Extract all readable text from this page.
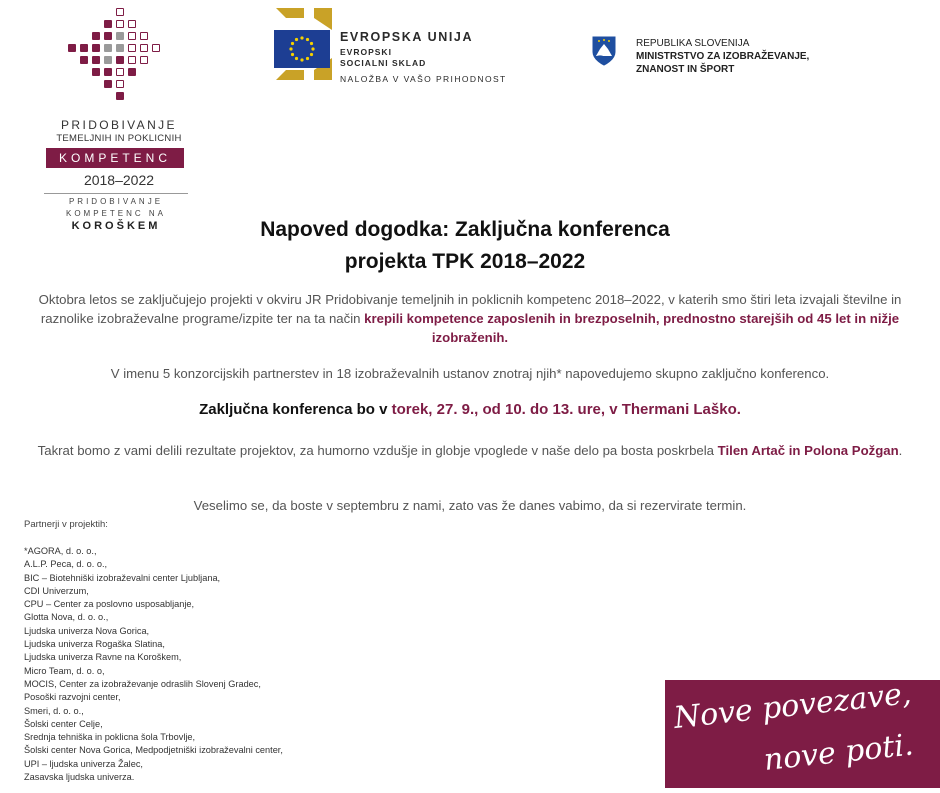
PRIDOBIVANJE
TEMELJNIH IN POKLICNIH
KOMPETENC
2018–2022
PRIDOBIVANJE
KOMPETENC NA
KOROŠKEM
EVROPSKA UNIJA
EVROPSKI
SOCIALNI SKLAD
NALOŽBA V VAŠO PRIHODNOST
REPUBLIKA SLOVENIJA
MINISTRSTVO ZA IZOBRAŽEVANJE,
ZNANOST IN ŠPORT
Napoved dogodka: Zaključna konferenca
projekta TPK 2018–2022
Oktobra letos se zaključujejo projekti v okviru JR Pridobivanje temeljnih in poklicnih kompetenc 2018–2022, v katerih smo štiri leta izvajali številne in raznolike izobraževalne programe/izpite ter na ta način krepili kompetence zaposlenih in brezposelnih, prednostno starejših od 45 let in nižje izobraženih.
V imenu 5 konzorcijskih partnerstev in 18 izobraževalnih ustanov znotraj njih* napovedujemo skupno zaključno konferenco.
Zaključna konferenca bo v torek, 27. 9., od 10. do 13. ure, v Thermani Laško.
Takrat bomo z vami delili rezultate projektov, za humorno vzdušje in globje vpoglede v naše delo pa bosta poskrbela Tilen Artač in Polona Požgan.
Veselimo se, da boste v septembru z nami, zato vas že danes vabimo, da si rezervirate termin.
Partnerji v projektih:
*AGORA, d. o. o.,
A.L.P. Peca, d. o. o.,
BIC – Biotehniški izobraževalni center Ljubljana,
CDI Univerzum,
CPU – Center za poslovno usposabljanje,
Glotta Nova, d. o. o.,
Ljudska univerza Nova Gorica,
Ljudska univerza Rogaška Slatina,
Ljudska univerza Ravne na Koroškem,
Micro Team, d. o. o,
MOCIS, Center za izobraževanje odraslih Slovenj Gradec,
Posoški razvojni center,
Smeri, d. o. o.,
Šolski center Celje,
Srednja tehniška in poklicna šola Trbovlje,
Šolski center Nova Gorica, Medpodjetniški izobraževalni center,
UPI – ljudska univerza Žalec,
Zasavska ljudska univerza.
Nove povezave,
nove poti.
